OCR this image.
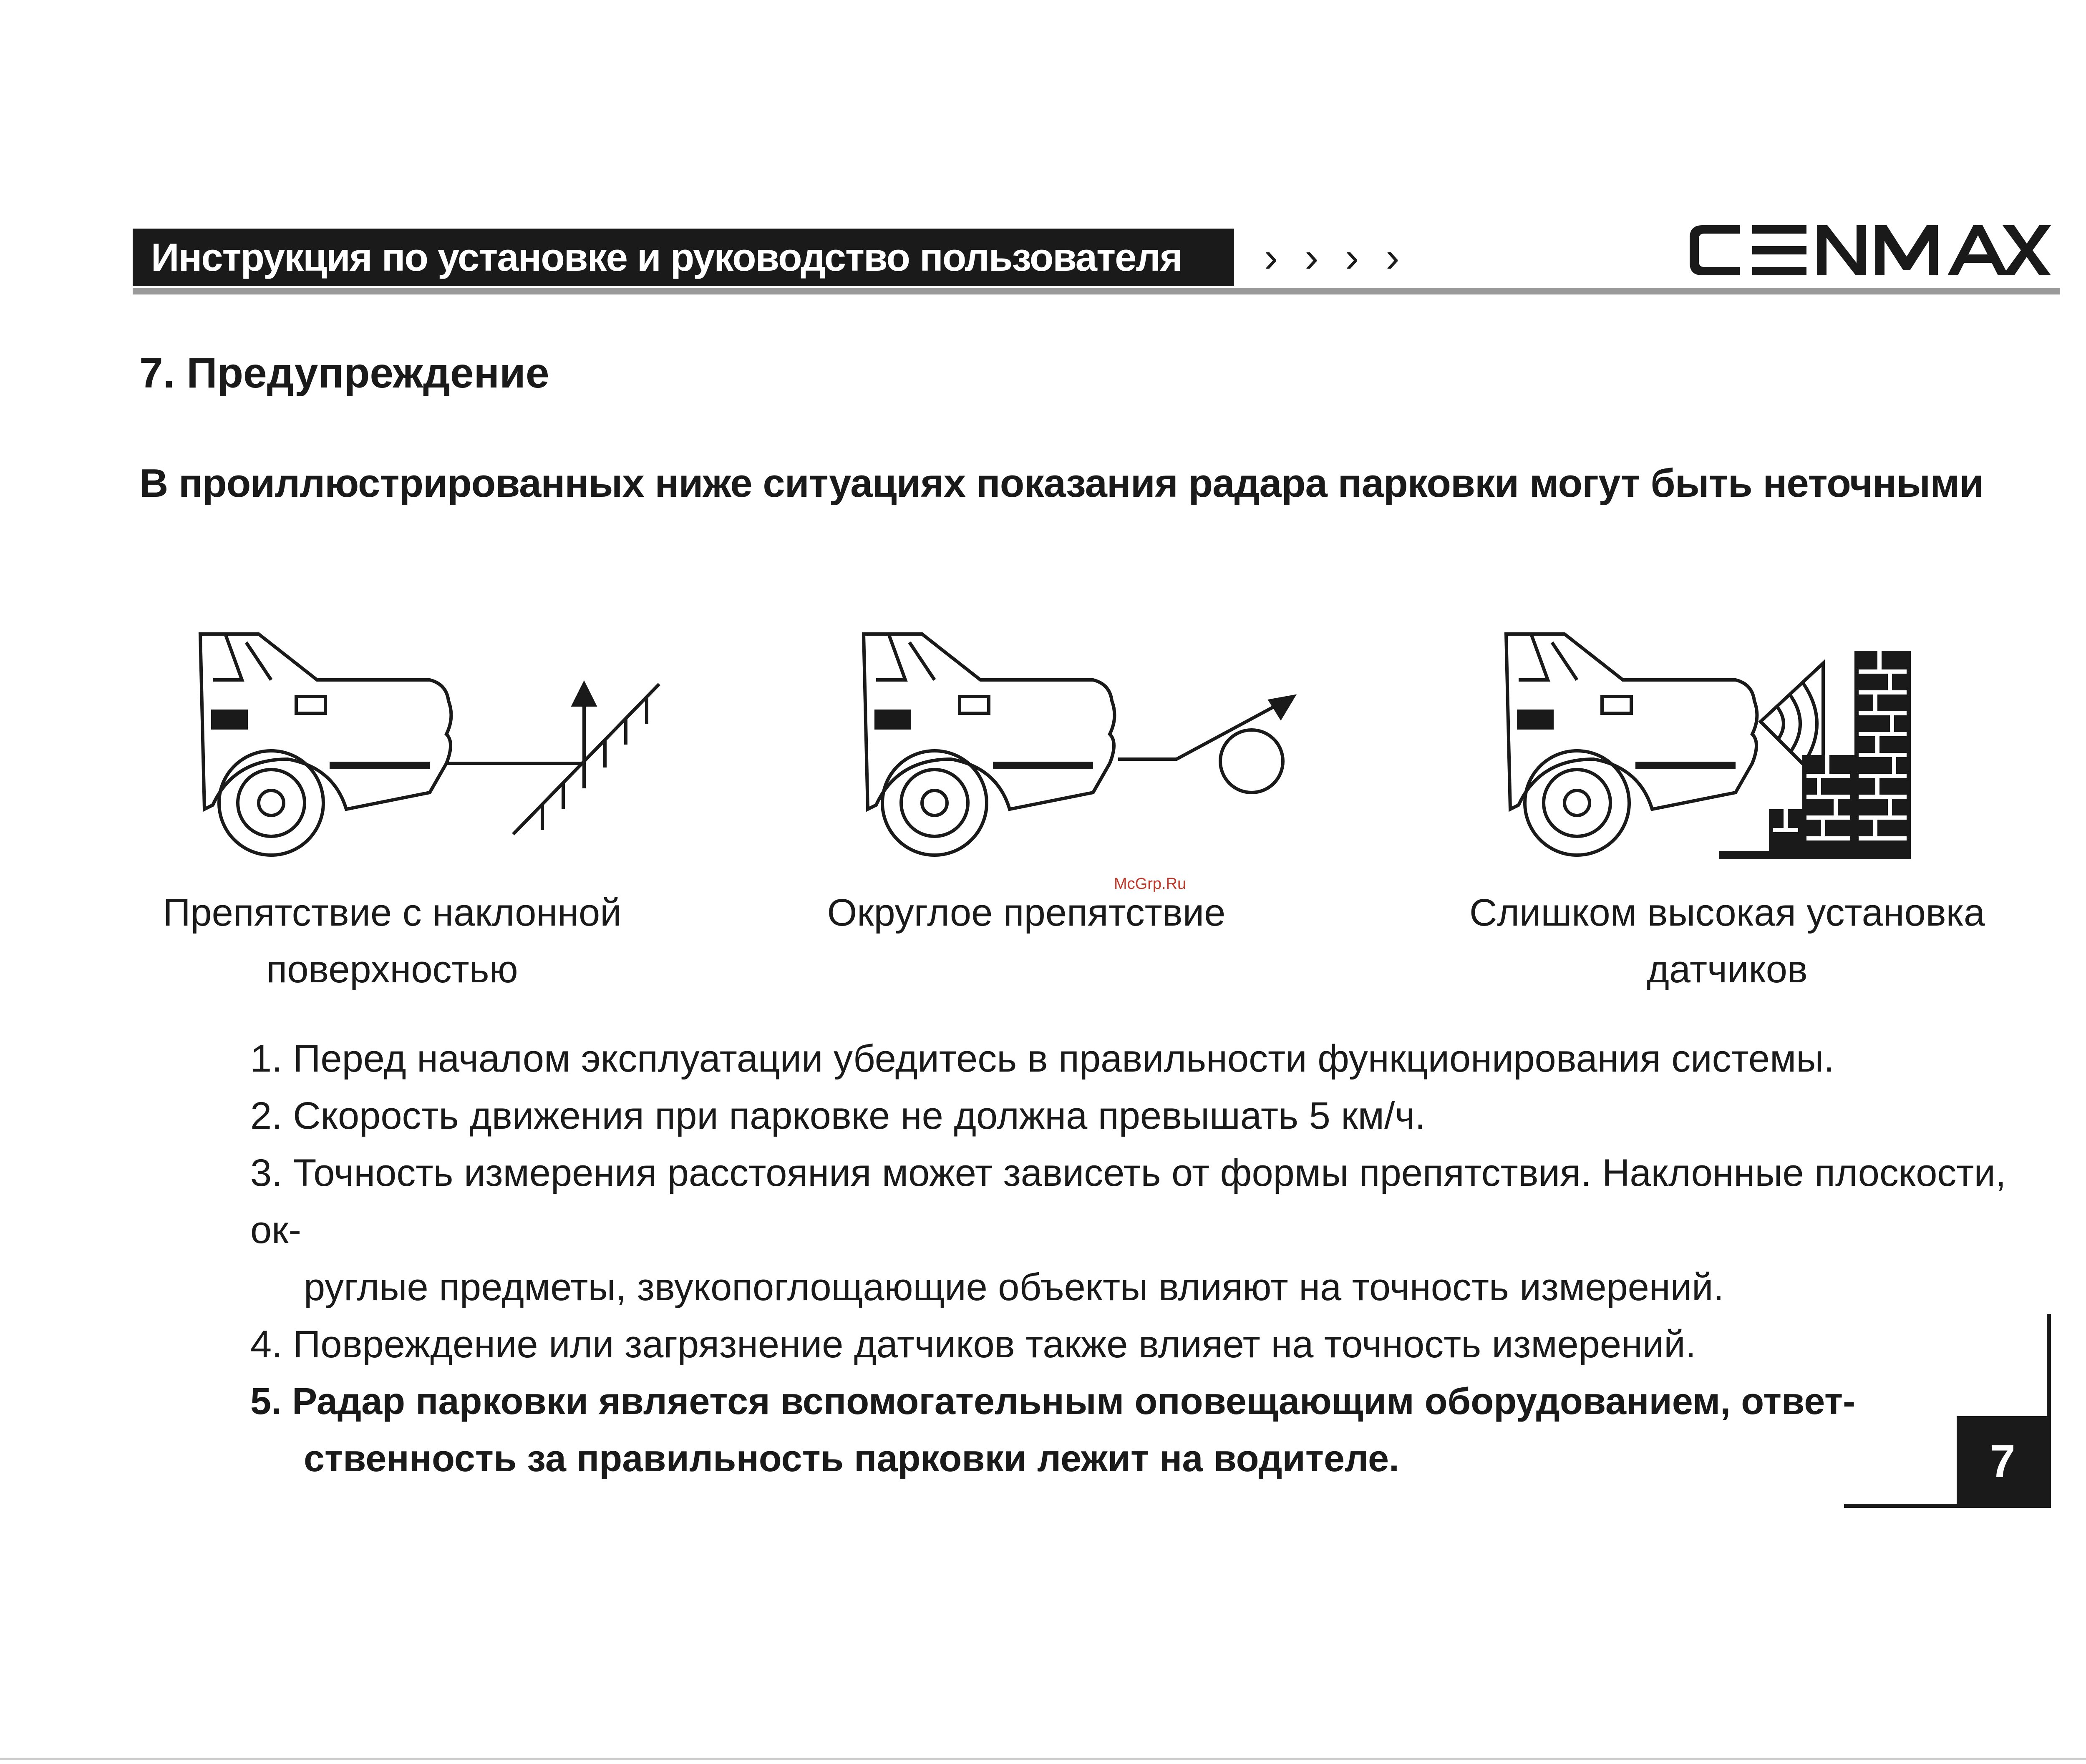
Инструкция по установке и руководство пользователя › › › ›
7. Предупреждение
В проиллюстрированных ниже ситуациях показания радара парковки могут быть неточными
Препятствие с наклонной
поверхностью
Округлое препятствие	Слишком высокая установка
датчиков
McGrp.Ru

1. Перед началом эксплуатации убедитесь в правильности функционирования системы.

2. Скорость движения при парковке не должна превышать 5 км/ч.

3. Точность измерения расстояния может зависеть от формы препятствия. Наклонные плоскости, ок-
руглые предметы, звукопоглощающие объекты влияют на точность измерений.

4. Повреждение или загрязнение датчиков также влияет на точность измерений.

5. Радар парковки является вспомогательным оповещающим оборудованием, ответ-
ственность за правильность парковки лежит на водителе.	7
